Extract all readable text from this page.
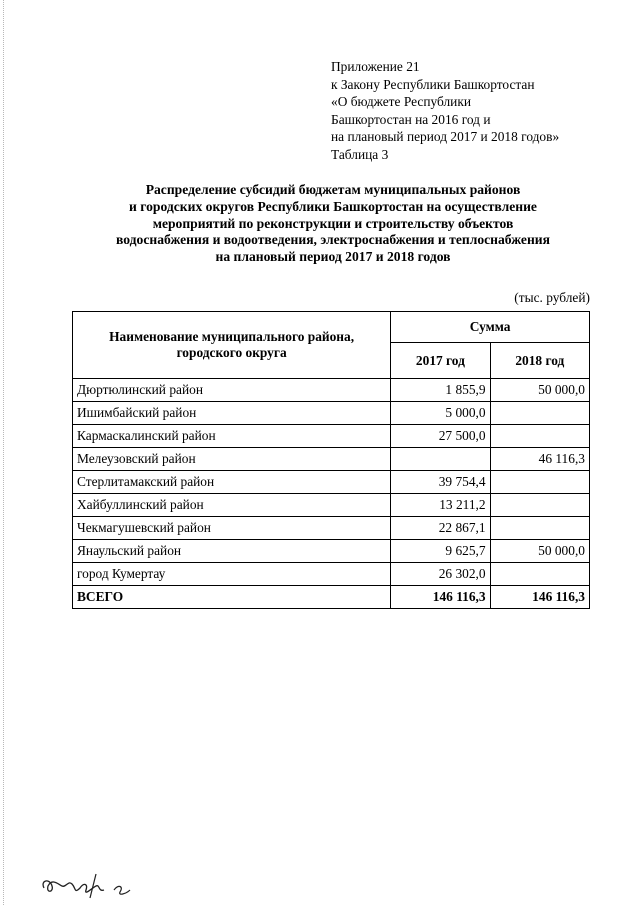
Приложение 21
к Закону Республики Башкортостан
«О бюджете Республики
Башкортостан на 2016 год и
на плановый период 2017 и 2018 годов»
Таблица 3
Распределение субсидий бюджетам муниципальных районов
и городских округов Республики Башкортостан на осуществление
мероприятий по реконструкции и строительству объектов
водоснабжения и водоотведения, электроснабжения и теплоснабжения
на плановый период 2017 и 2018 годов
(тыс. рублей)
Наименование муниципального района, городского округа	Сумма	
	2017 год	2018 год
Дюртюлинский район	1 855,9	50 000,0
Ишимбайский район	5 000,0	
Кармаскалинский район	27 500,0	
Мелеузовский район		46 116,3
Стерлитамакский район	39 754,4	
Хайбуллинский район	13 211,2	
Чекмагушевский район	22 867,1	
Янаульский район	9 625,7	50 000,0
город Кумертау	26 302,0	
ВСЕГО	146 116,3	146 116,3
